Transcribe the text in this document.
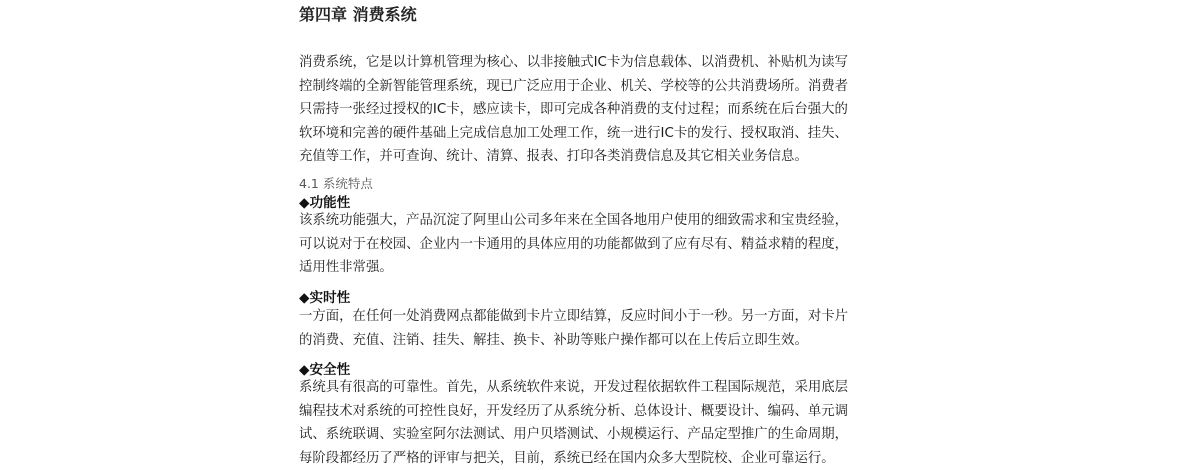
第四章 消费系统
消费系统，它是以计算机管理为核心、以非接触式IC卡为信息载体、以消费机、补贴机为读写
控制终端的全新智能管理系统，现已广泛应用于企业、机关、学校等的公共消费场所。消费者
只需持一张经过授权的IC卡，感应读卡，即可完成各种消费的支付过程；而系统在后台强大的
软环境和完善的硬件基础上完成信息加工处理工作，统一进行IC卡的发行、授权取消、挂失、
充值等工作，并可查询、统计、清算、报表、打印各类消费信息及其它相关业务信息。
4.1 系统特点
◆功能性
该系统功能强大，产品沉淀了阿里山公司多年来在全国各地用户使用的细致需求和宝贵经验，
可以说对于在校园、企业内一卡通用的具体应用的功能都做到了应有尽有、精益求精的程度，
适用性非常强。
◆实时性
一方面，在任何一处消费网点都能做到卡片立即结算，反应时间小于一秒。另一方面，对卡片
的消费、充值、注销、挂失、解挂、换卡、补助等账户操作都可以在上传后立即生效。
◆安全性
系统具有很高的可靠性。首先，从系统软件来说，开发过程依据软件工程国际规范，采用底层
编程技术对系统的可控性良好，开发经历了从系统分析、总体设计、概要设计、编码、单元调
试、系统联调、实验室阿尔法测试、用户贝塔测试、小规模运行、产品定型推广的生命周期，
每阶段都经历了严格的评审与把关，目前，系统已经在国内众多大型院校、企业可靠运行。
